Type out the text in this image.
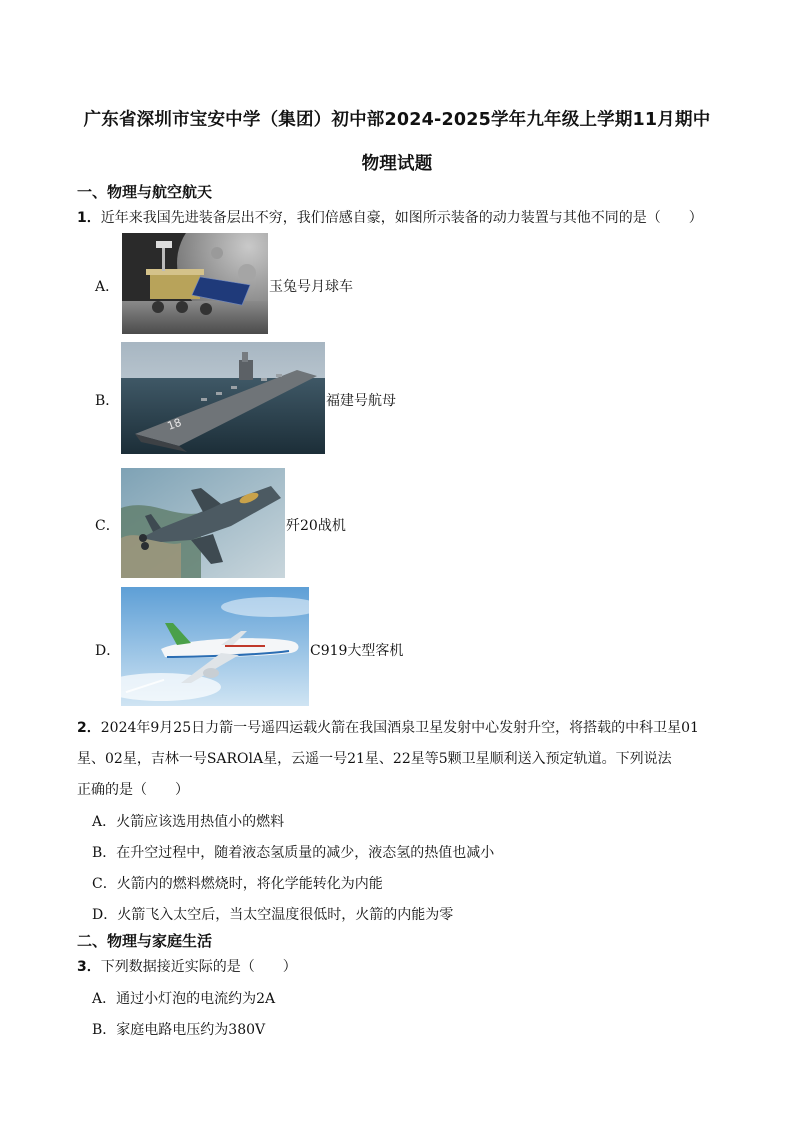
广东省深圳市宝安中学（集团）初中部2024-2025学年九年级上学期11月期中
物理试题
一、物理与航空航天
1．近年来我国先进装备层出不穷，我们倍感自豪，如图所示装备的动力装置与其他不同的是（　　）
A．	玉兔号月球车
B．
18
福建号航母
C．	歼20战机
D．	C919大型客机
2．2024年9月25日力箭一号遥四运载火箭在我国酒泉卫星发射中心发射升空，将搭载的中科卫星01
星、02星，吉林一号SAROlA星，云遥一号21星、22星等5颗卫星顺利送入预定轨道。下列说法
正确的是（　　）
A．火箭应该选用热值小的燃料
B．在升空过程中，随着液态氢质量的减少，液态氢的热值也减小
C．火箭内的燃料燃烧时，将化学能转化为内能
D．火箭飞入太空后，当太空温度很低时，火箭的内能为零
二、物理与家庭生活
3．下列数据接近实际的是（　　）
A．通过小灯泡的电流约为2A
B．家庭电路电压约为380V
